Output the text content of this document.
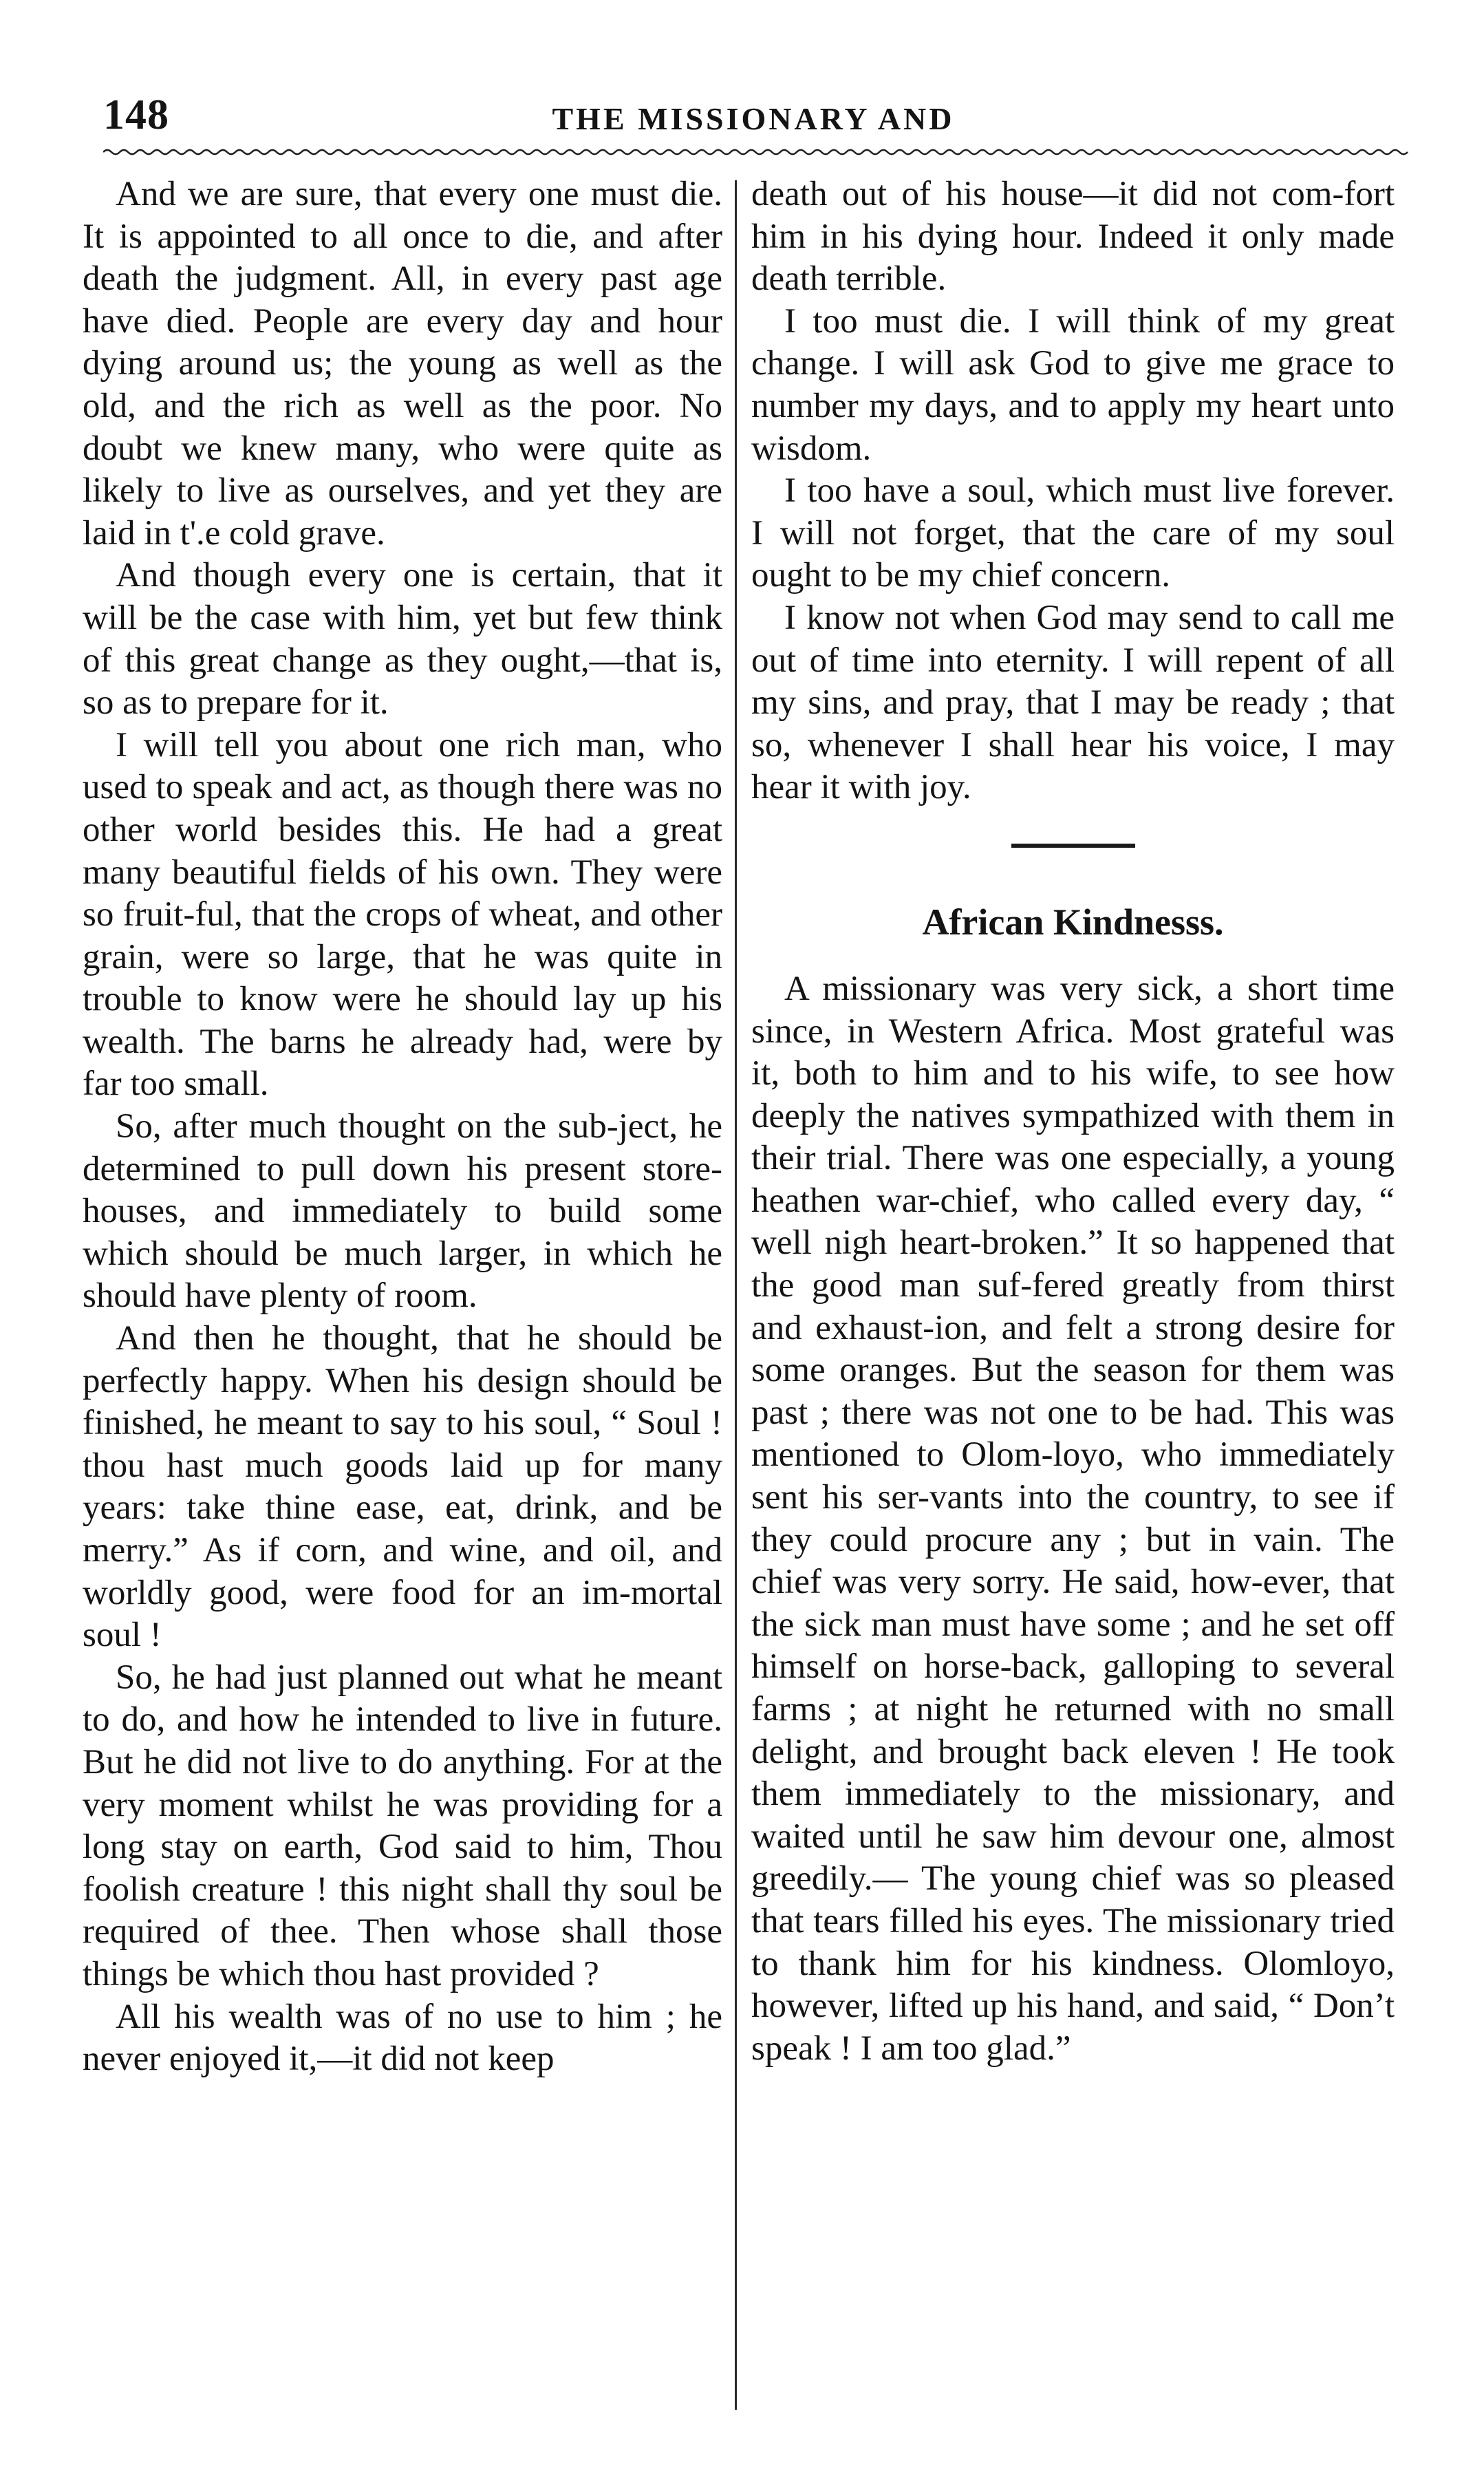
148	THE MISSIONARY AND

And we are sure, that every one must die. It is appointed to all once to die, and after death the judgment. All, in every past age have died. People are every day and hour dying around us; the young as well as the old, and the rich as well as the poor. No doubt we knew many, who were quite as likely to live as ourselves, and yet they are laid in t'.e cold grave.

And though every one is certain, that it will be the case with him, yet but few think of this great change as they ought,—that is, so as to prepare for it.

I will tell you about one rich man, who used to speak and act, as though there was no other world besides this. He had a great many beautiful fields of his own. They were so fruit-ful, that the crops of wheat, and other grain, were so large, that he was quite in trouble to know were he should lay up his wealth. The barns he already had, were by far too small.

So, after much thought on the sub-ject, he determined to pull down his present store-houses, and immediately to build some which should be much larger, in which he should have plenty of room.

And then he thought, that he should be perfectly happy. When his design should be finished, he meant to say to his soul, “ Soul ! thou hast much goods laid up for many years: take thine ease, eat, drink, and be merry.” As if corn, and wine, and oil, and worldly good, were food for an im-mortal soul !

So, he had just planned out what he meant to do, and how he intended to live in future. But he did not live to do anything. For at the very moment whilst he was providing for a long stay on earth, God said to him, Thou foolish creature ! this night shall thy soul be required of thee. Then whose shall those things be which thou hast provided ?

All his wealth was of no use to him ; he never enjoyed it,—it did not keep

death out of his house—it did not com-fort him in his dying hour. Indeed it only made death terrible.

I too must die. I will think of my great change. I will ask God to give me grace to number my days, and to apply my heart unto wisdom.

I too have a soul, which must live forever. I will not forget, that the care of my soul ought to be my chief concern.

I know not when God may send to call me out of time into eternity. I will repent of all my sins, and pray, that I may be ready ; that so, whenever I shall hear his voice, I may hear it with joy.

African Kindnesss.

A missionary was very sick, a short time since, in Western Africa. Most grateful was it, both to him and to his wife, to see how deeply the natives sympathized with them in their trial. There was one especially, a young heathen war-chief, who called every day, “ well nigh heart-broken.” It so happened that the good man suf-fered greatly from thirst and exhaust-ion, and felt a strong desire for some oranges. But the season for them was past ; there was not one to be had. This was mentioned to Olom-loyo, who immediately sent his ser-vants into the country, to see if they could procure any ; but in vain. The chief was very sorry. He said, how-ever, that the sick man must have some ; and he set off himself on horse-back, galloping to several farms ; at night he returned with no small delight, and brought back eleven ! He took them immediately to the missionary, and waited until he saw him devour one, almost greedily.— The young chief was so pleased that tears filled his eyes. The missionary tried to thank him for his kindness. Olomloyo, however, lifted up his hand, and said, “ Don’t speak ! I am too glad.”
